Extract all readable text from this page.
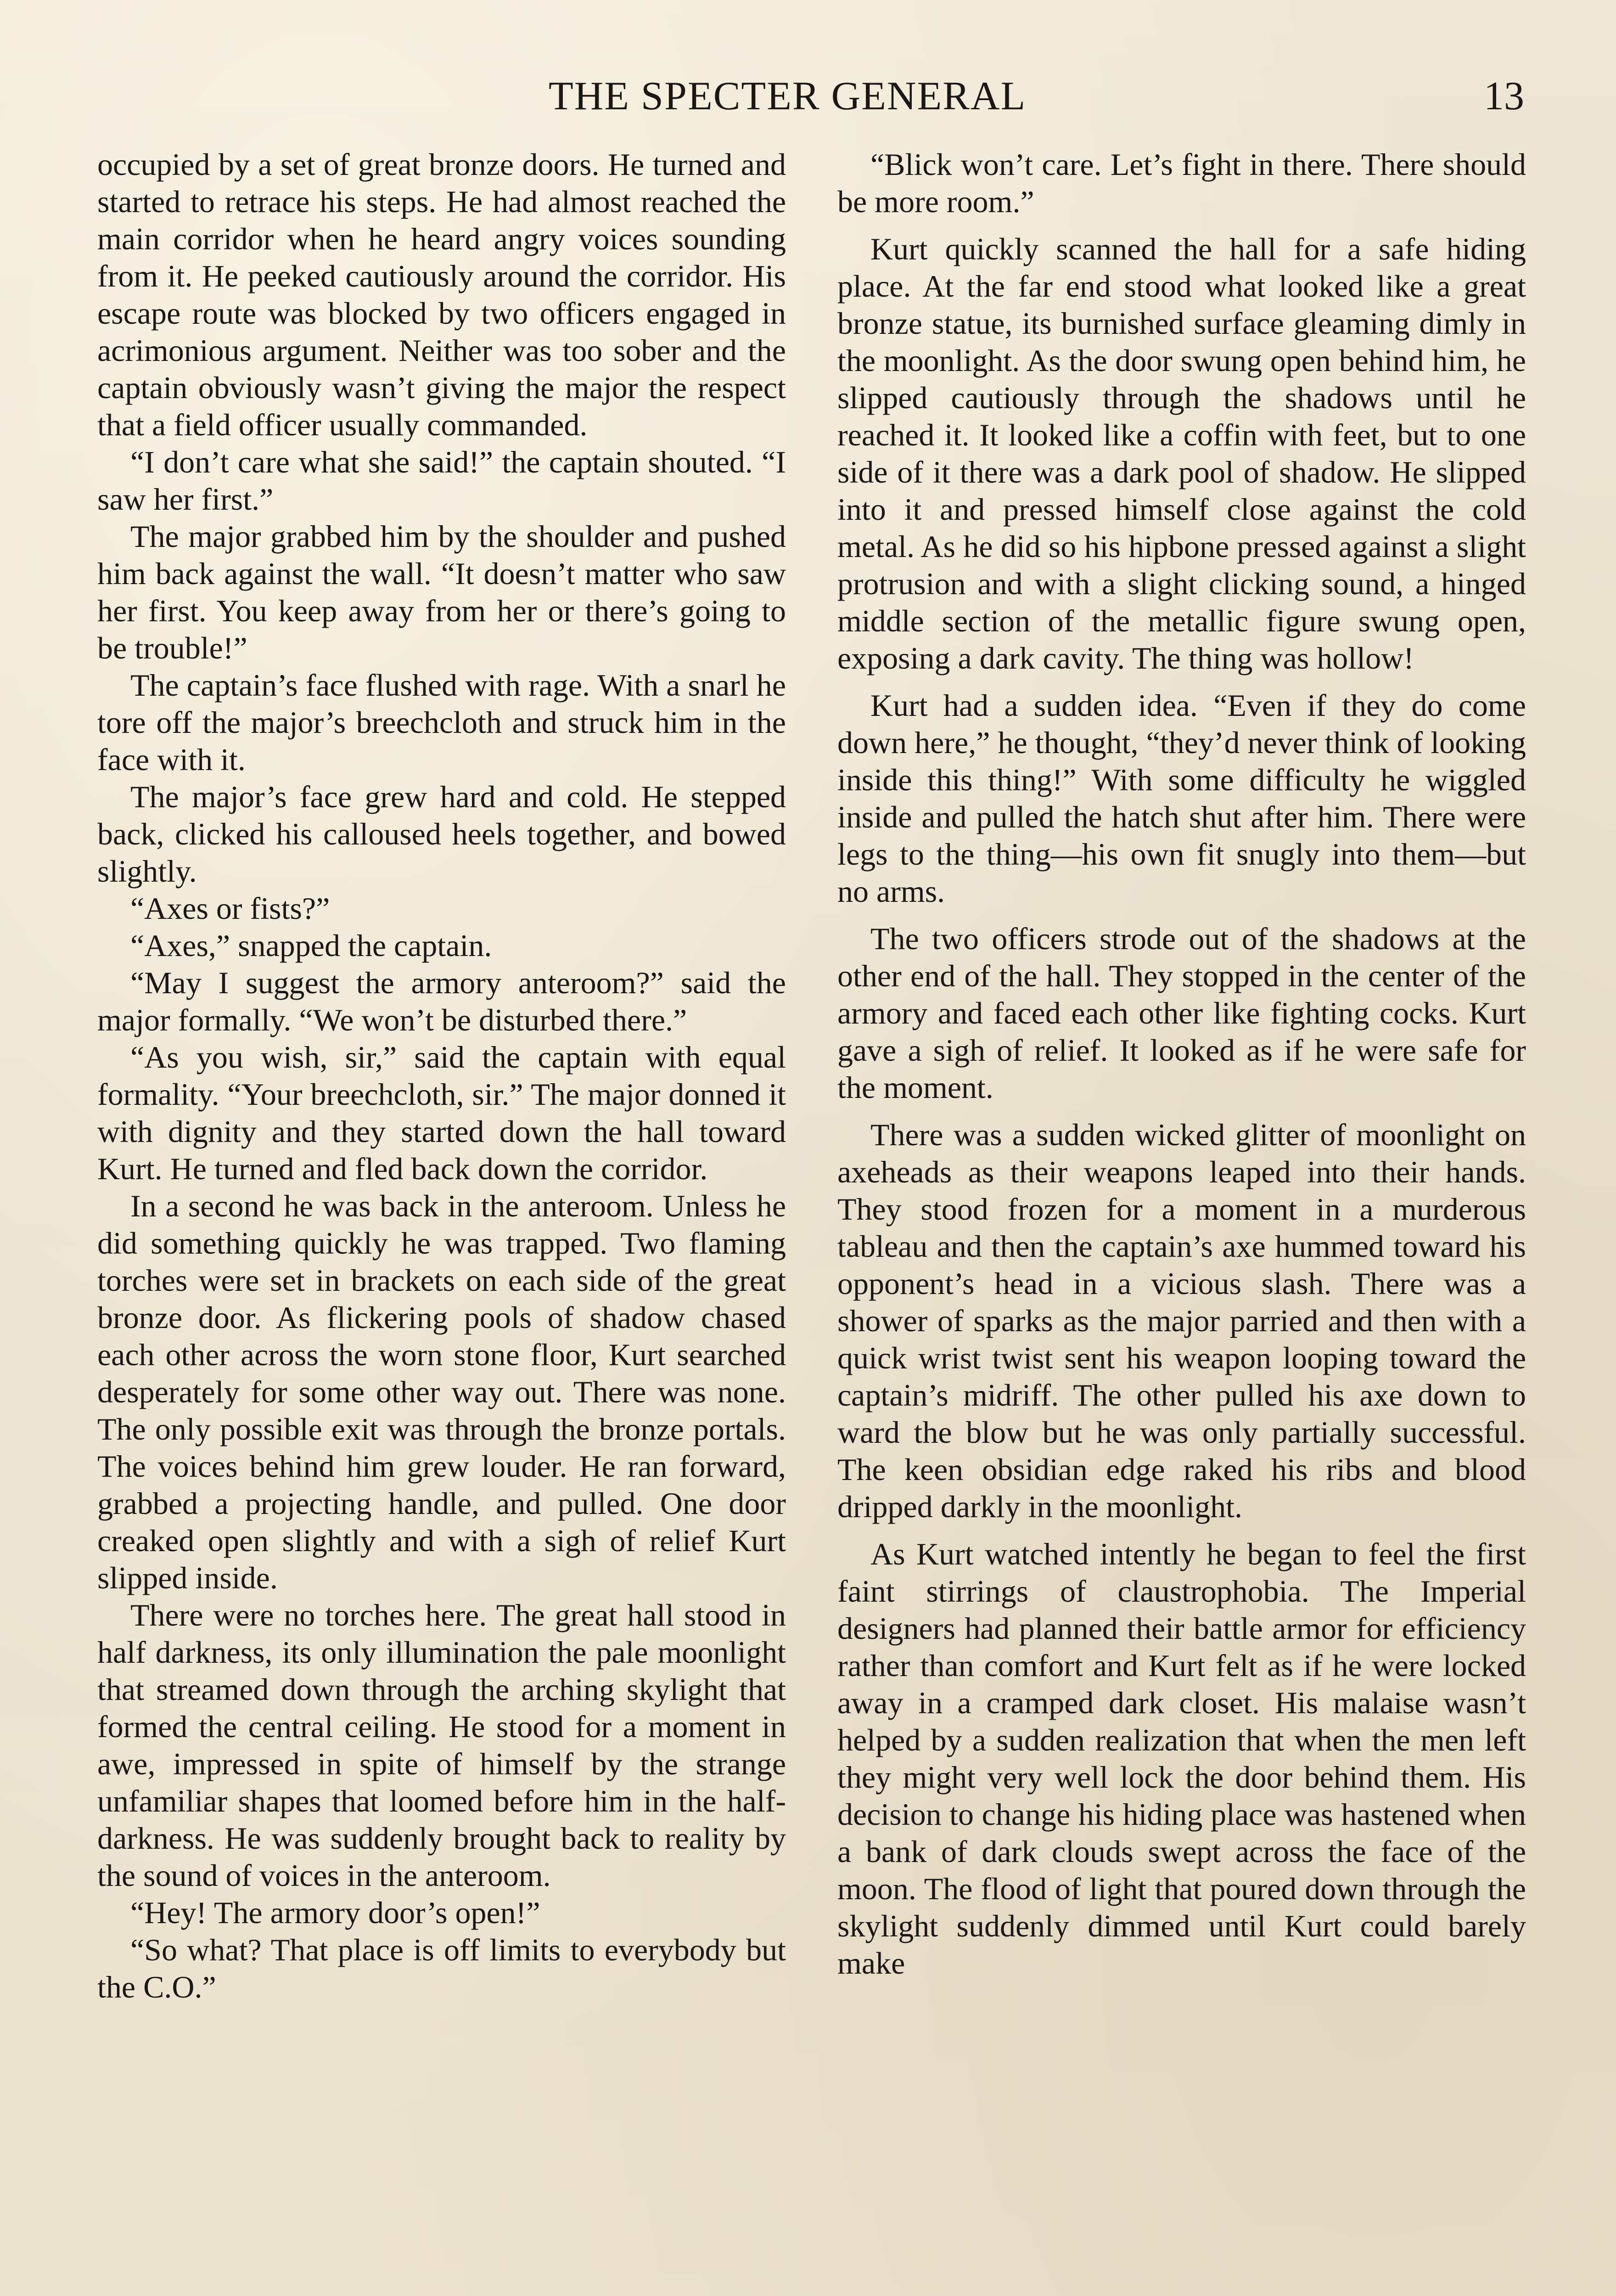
THE SPECTER GENERAL	13

occupied by a set of great bronze doors. He turned and started to retrace his steps. He had almost reached the main corridor when he heard angry voices sounding from it. He peeked cautiously around the corridor. His escape route was blocked by two officers engaged in acrimonious argument. Neither was too sober and the captain obviously wasn’t giving the major the respect that a field officer usually commanded.

“I don’t care what she said!” the captain shouted. “I saw her first.”

The major grabbed him by the shoulder and pushed him back against the wall. “It doesn’t matter who saw her first. You keep away from her or there’s going to be trouble!”

The captain’s face flushed with rage. With a snarl he tore off the major’s breechcloth and struck him in the face with it.

The major’s face grew hard and cold. He stepped back, clicked his calloused heels together, and bowed slightly.

“Axes or fists?”

“Axes,” snapped the captain.

“May I suggest the armory anteroom?” said the major formally. “We won’t be disturbed there.”

“As you wish, sir,” said the captain with equal formality. “Your breechcloth, sir.” The major donned it with dignity and they started down the hall toward Kurt. He turned and fled back down the corridor.

In a second he was back in the anteroom. Unless he did something quickly he was trapped. Two flaming torches were set in brackets on each side of the great bronze door. As flickering pools of shadow chased each other across the worn stone floor, Kurt searched desperately for some other way out. There was none. The only possible exit was through the bronze portals. The voices behind him grew louder. He ran forward, grabbed a projecting handle, and pulled. One door creaked open slightly and with a sigh of relief Kurt slipped inside.

There were no torches here. The great hall stood in half darkness, its only illumination the pale moonlight that streamed down through the arching skylight that formed the central ceiling. He stood for a moment in awe, impressed in spite of himself by the strange unfamiliar shapes that loomed before him in the half-darkness. He was suddenly brought back to reality by the sound of voices in the anteroom.

“Hey! The armory door’s open!”

“So what? That place is off limits to everybody but the C.O.”

“Blick won’t care. Let’s fight in there. There should be more room.”

Kurt quickly scanned the hall for a safe hiding place. At the far end stood what looked like a great bronze statue, its burnished surface gleaming dimly in the moonlight. As the door swung open behind him, he slipped cautiously through the shadows until he reached it. It looked like a coffin with feet, but to one side of it there was a dark pool of shadow. He slipped into it and pressed himself close against the cold metal. As he did so his hipbone pressed against a slight protrusion and with a slight clicking sound, a hinged middle section of the metallic figure swung open, exposing a dark cavity. The thing was hollow!

Kurt had a sudden idea. “Even if they do come down here,” he thought, “they’d never think of looking inside this thing!” With some difficulty he wiggled inside and pulled the hatch shut after him. There were legs to the thing—his own fit snugly into them—but no arms.

The two officers strode out of the shadows at the other end of the hall. They stopped in the center of the armory and faced each other like fighting cocks. Kurt gave a sigh of relief. It looked as if he were safe for the moment.

There was a sudden wicked glitter of moonlight on axeheads as their weapons leaped into their hands. They stood frozen for a moment in a murderous tableau and then the captain’s axe hummed toward his opponent’s head in a vicious slash. There was a shower of sparks as the major parried and then with a quick wrist twist sent his weapon looping toward the captain’s midriff. The other pulled his axe down to ward the blow but he was only partially successful. The keen obsidian edge raked his ribs and blood dripped darkly in the moonlight.

As Kurt watched intently he began to feel the first faint stirrings of claustrophobia. The Imperial designers had planned their battle armor for efficiency rather than comfort and Kurt felt as if he were locked away in a cramped dark closet. His malaise wasn’t helped by a sudden realization that when the men left they might very well lock the door behind them. His decision to change his hiding place was hastened when a bank of dark clouds swept across the face of the moon. The flood of light that poured down through the skylight suddenly dimmed until Kurt could barely make
